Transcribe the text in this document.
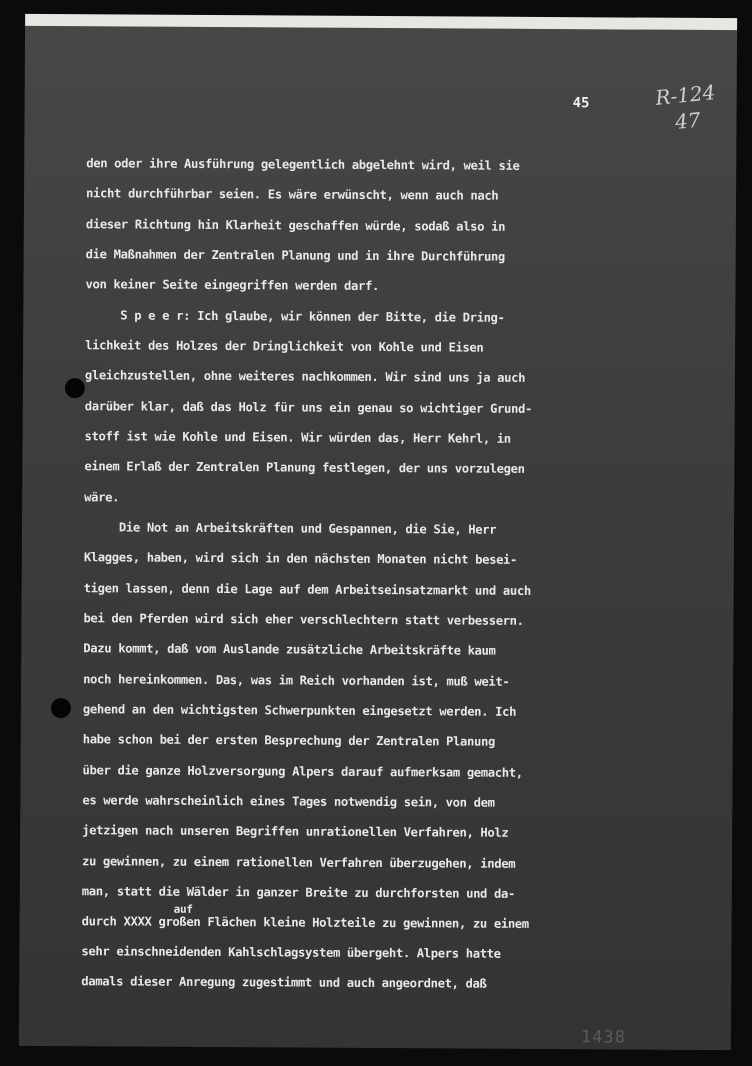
45	R-124
47
den oder ihre Ausführung gelegentlich abgelehnt wird, weil sie
nicht durchführbar seien. Es wäre erwünscht, wenn auch nach
dieser Richtung hin Klarheit geschaffen würde, sodaß also in
die Maßnahmen der Zentralen Planung und in ihre Durchführung
von keiner Seite eingegriffen werden darf.
S p e e r: Ich glaube, wir können der Bitte, die Dring-
lichkeit des Holzes der Dringlichkeit von Kohle und Eisen
gleichzustellen, ohne weiteres nachkommen. Wir sind uns ja auch
darüber klar, daß das Holz für uns ein genau so wichtiger Grund-
stoff ist wie Kohle und Eisen. Wir würden das, Herr Kehrl, in
einem Erlaß der Zentralen Planung festlegen, der uns vorzulegen
wäre.
Die Not an Arbeitskräften und Gespannen, die Sie, Herr
Klagges, haben, wird sich in den nächsten Monaten nicht besei-
tigen lassen, denn die Lage auf dem Arbeitseinsatzmarkt und auch
bei den Pferden wird sich eher verschlechtern statt verbessern.
Dazu kommt, daß vom Auslande zusätzliche Arbeitskräfte kaum
noch hereinkommen. Das, was im Reich vorhanden ist, muß weit-
gehend an den wichtigsten Schwerpunkten eingesetzt werden. Ich
habe schon bei der ersten Besprechung der Zentralen Planung
über die ganze Holzversorgung Alpers darauf aufmerksam gemacht,
es werde wahrscheinlich eines Tages notwendig sein, von dem
jetzigen nach unseren Begriffen unrationellen Verfahren, Holz
zu gewinnen, zu einem rationellen Verfahren überzugehen, indem
man, statt die Wälder in ganzer Breite zu durchforsten und da-
auf
durch XXXX großen Flächen kleine Holzteile zu gewinnen, zu einem
sehr einschneidenden Kahlschlagsystem übergeht. Alpers hatte
damals dieser Anregung zugestimmt und auch angeordnet, daß
1438
